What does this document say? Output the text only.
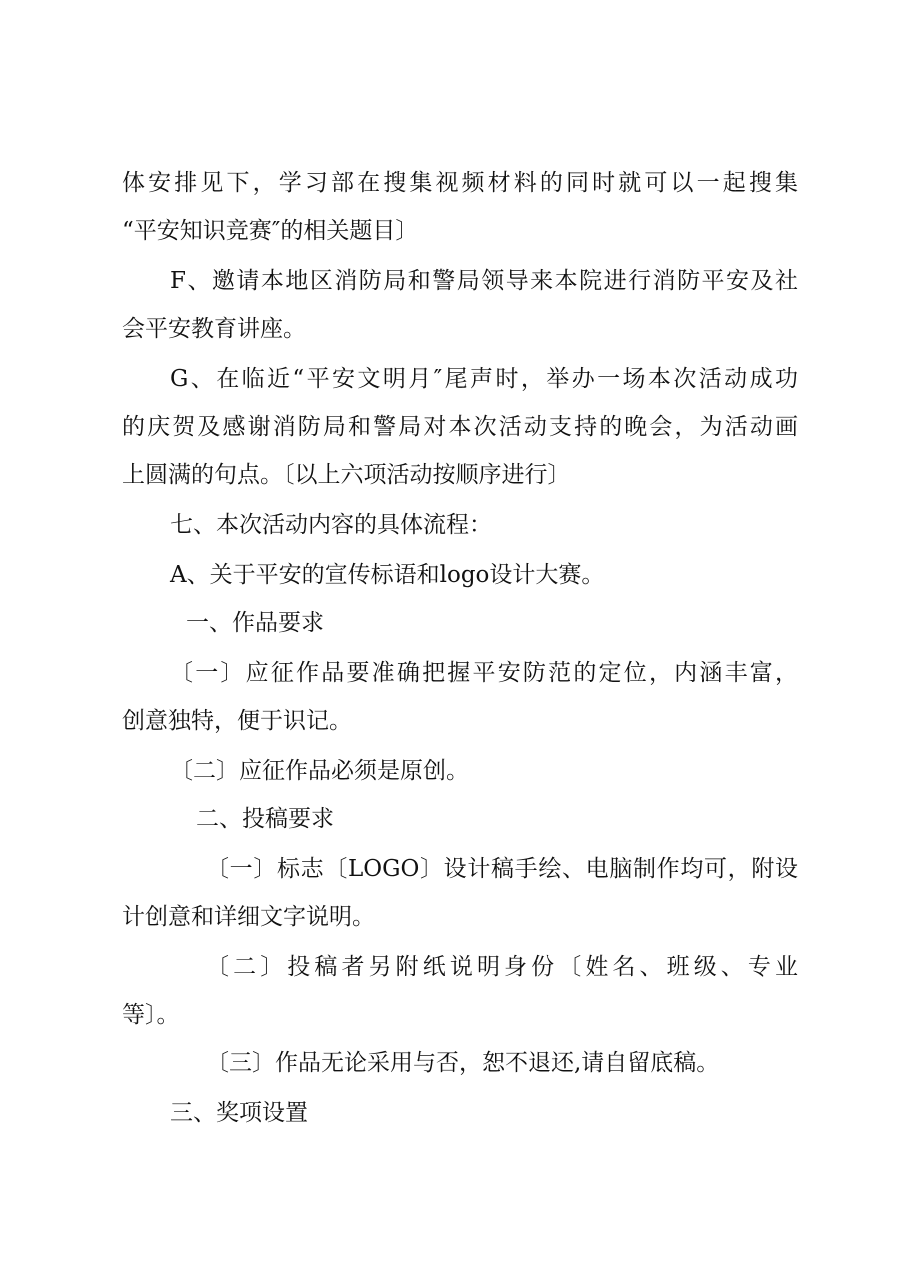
体安排见下，学习部在搜集视频材料的同时就可以一起搜集

“平安知识竞赛″的相关题目〕

F、邀请本地区消防局和警局领导来本院进行消防平安及社

会平安教育讲座。

G、在临近“平安文明月″尾声时，举办一场本次活动成功

的庆贺及感谢消防局和警局对本次活动支持的晚会，为活动画

上圆满的句点。〔以上六项活动按顺序进行〕

七、本次活动内容的具体流程：

A、关于平安的宣传标语和logo设计大赛。

一、作品要求

〔一〕应征作品要准确把握平安防范的定位，内涵丰富，

创意独特，便于识记。

〔二〕应征作品必须是原创。

二、投稿要求

〔一〕标志〔LOGO〕设计稿手绘、电脑制作均可，附设

计创意和详细文字说明。

〔二〕投稿者另附纸说明身份〔姓名、班级、专业

等〕。

〔三〕作品无论采用与否，恕不退还,请自留底稿。

三、奖项设置
